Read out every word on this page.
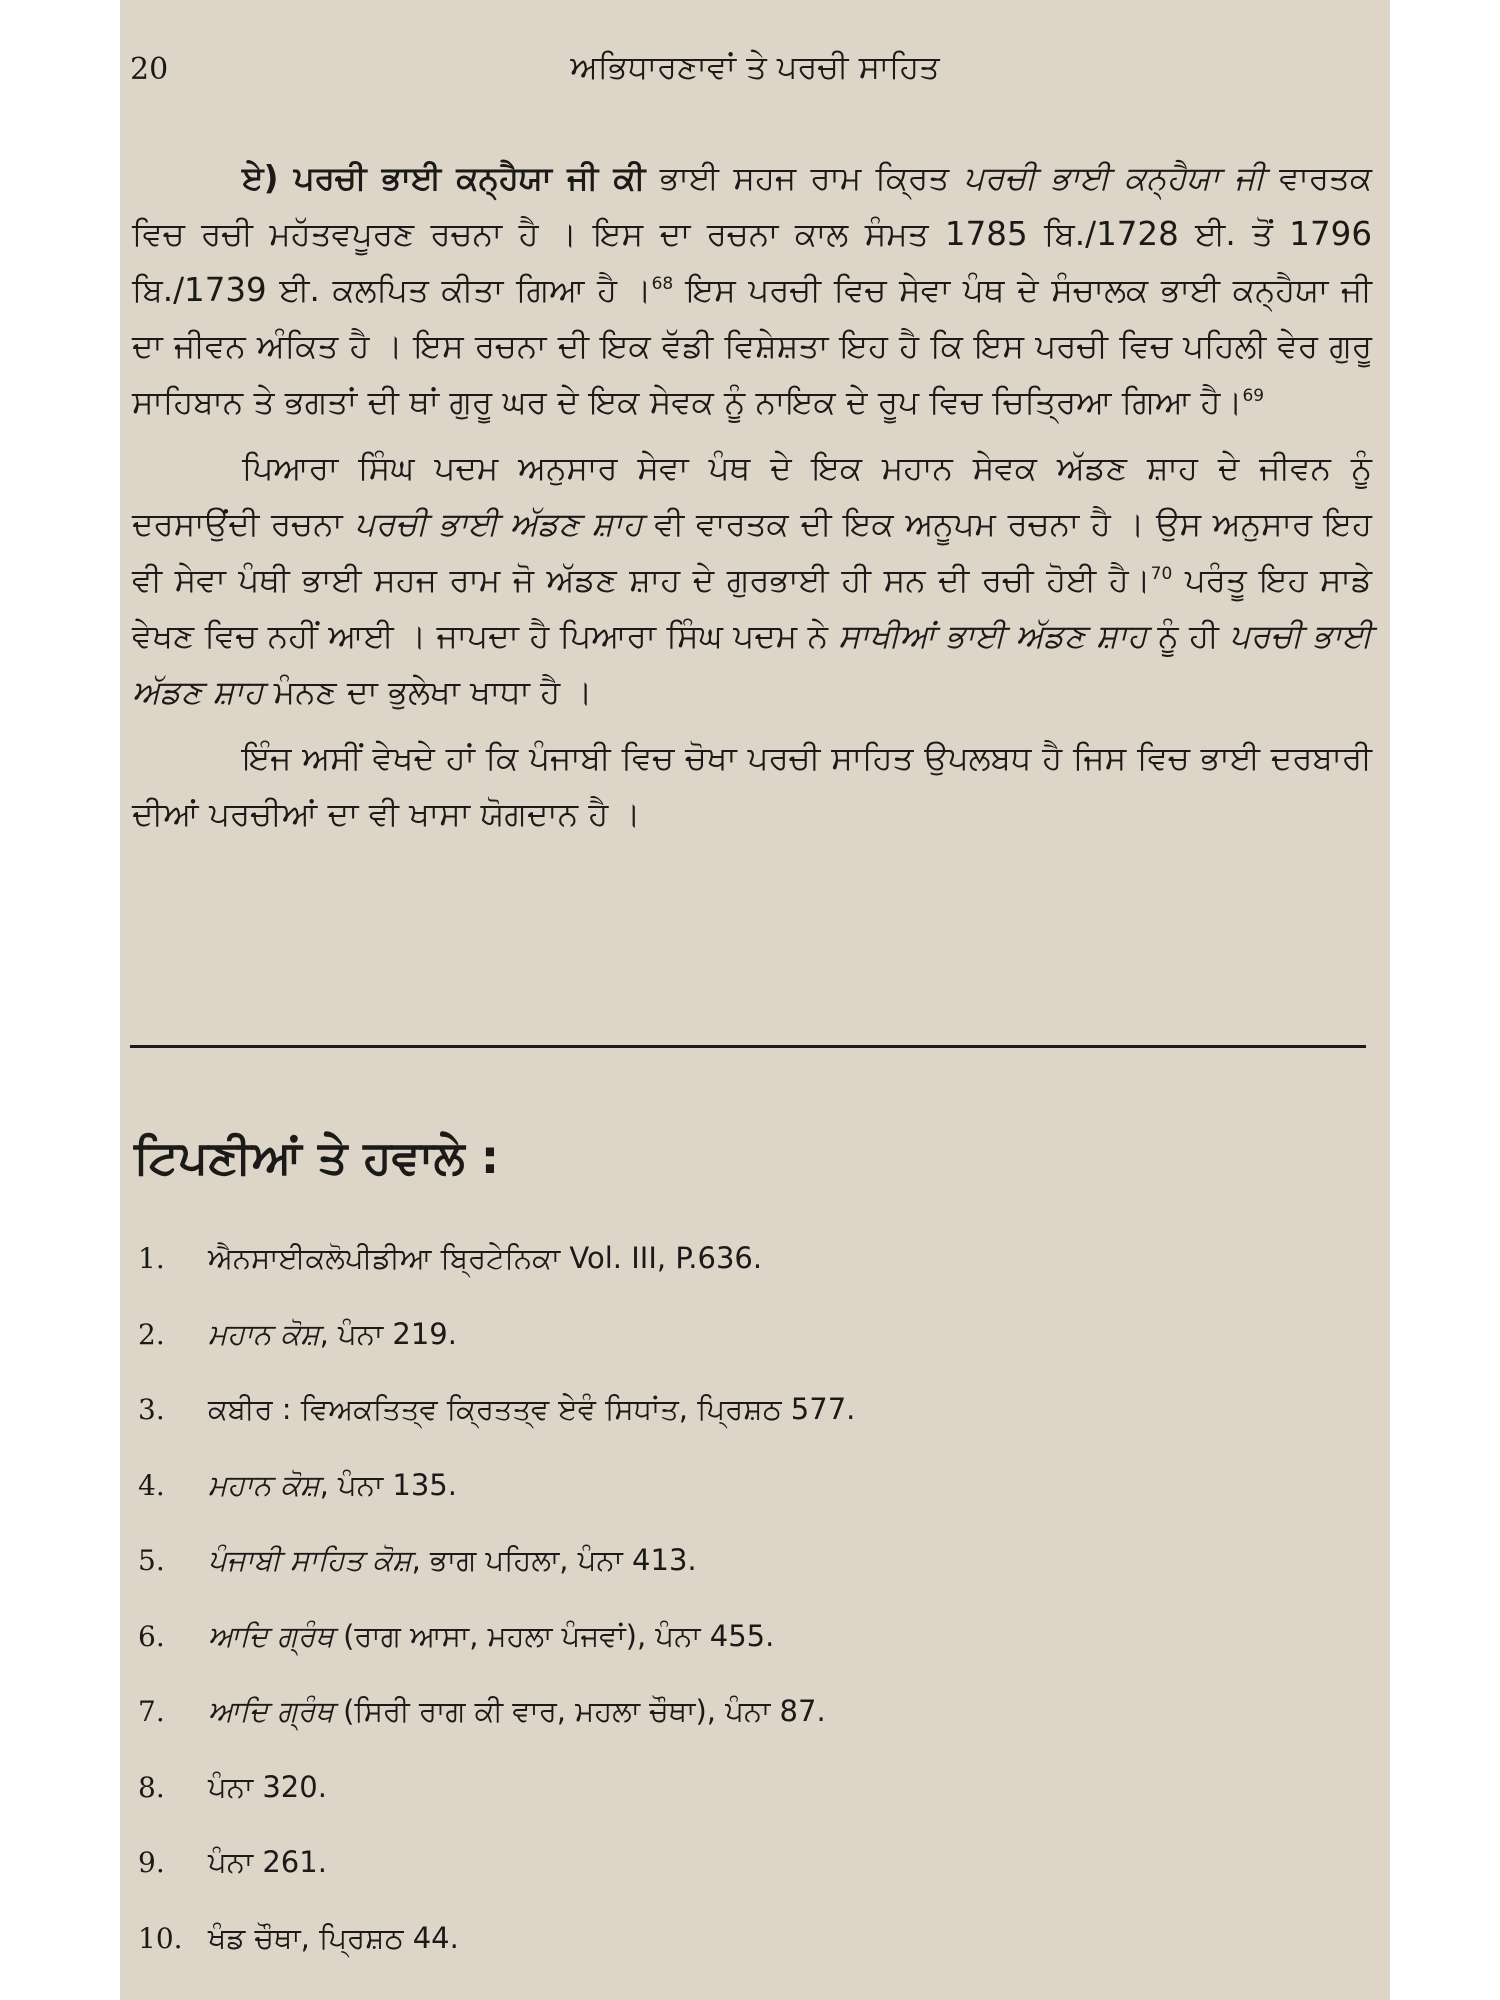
20	ਅਭਿਧਾਰਣਾਵਾਂ ਤੇ ਪਰਚੀ ਸਾਹਿਤ

ਏ) ਪਰਚੀ ਭਾਈ ਕਨ੍ਹੈਯਾ ਜੀ ਕੀ ਭਾਈ ਸਹਜ ਰਾਮ ਕ੍ਰਿਤ ਪਰਚੀ ਭਾਈ ਕਨ੍ਹੈਯਾ ਜੀ ਵਾਰਤਕ ਵਿਚ ਰਚੀ ਮਹੱਤਵਪੂਰਣ ਰਚਨਾ ਹੈ । ਇਸ ਦਾ ਰਚਨਾ ਕਾਲ ਸੰਮਤ 1785 ਬਿ./1728 ਈ. ਤੋਂ 1796 ਬਿ./1739 ਈ. ਕਲਪਿਤ ਕੀਤਾ ਗਿਆ ਹੈ ।$^{68}$ ਇਸ ਪਰਚੀ ਵਿਚ ਸੇਵਾ ਪੰਥ ਦੇ ਸੰਚਾਲਕ ਭਾਈ ਕਨ੍ਹੈਯਾ ਜੀ ਦਾ ਜੀਵਨ ਅੰਕਿਤ ਹੈ । ਇਸ ਰਚਨਾ ਦੀ ਇਕ ਵੱਡੀ ਵਿਸ਼ੇਸ਼ਤਾ ਇਹ ਹੈ ਕਿ ਇਸ ਪਰਚੀ ਵਿਚ ਪਹਿਲੀ ਵੇਰ ਗੁਰੂ ਸਾਹਿਬਾਨ ਤੇ ਭਗਤਾਂ ਦੀ ਥਾਂ ਗੁਰੂ ਘਰ ਦੇ ਇਕ ਸੇਵਕ ਨੂੰ ਨਾਇਕ ਦੇ ਰੂਪ ਵਿਚ ਚਿਤ੍ਰਿਆ ਗਿਆ ਹੈ।$^{69}$

ਪਿਆਰਾ ਸਿੰਘ ਪਦਮ ਅਨੁਸਾਰ ਸੇਵਾ ਪੰਥ ਦੇ ਇਕ ਮਹਾਨ ਸੇਵਕ ਅੱਡਣ ਸ਼ਾਹ ਦੇ ਜੀਵਨ ਨੂੰ ਦਰਸਾਉਂਦੀ ਰਚਨਾ ਪਰਚੀ ਭਾਈ ਅੱਡਣ ਸ਼ਾਹ ਵੀ ਵਾਰਤਕ ਦੀ ਇਕ ਅਨੂਪਮ ਰਚਨਾ ਹੈ । ਉਸ ਅਨੁਸਾਰ ਇਹ ਵੀ ਸੇਵਾ ਪੰਥੀ ਭਾਈ ਸਹਜ ਰਾਮ ਜੋ ਅੱਡਣ ਸ਼ਾਹ ਦੇ ਗੁਰਭਾਈ ਹੀ ਸਨ ਦੀ ਰਚੀ ਹੋਈ ਹੈ।$^{70}$ ਪਰੰਤੂ ਇਹ ਸਾਡੇ ਵੇਖਣ ਵਿਚ ਨਹੀਂ ਆਈ । ਜਾਪਦਾ ਹੈ ਪਿਆਰਾ ਸਿੰਘ ਪਦਮ ਨੇ ਸਾਖੀਆਂ ਭਾਈ ਅੱਡਣ ਸ਼ਾਹ ਨੂੰ ਹੀ ਪਰਚੀ ਭਾਈ ਅੱਡਣ ਸ਼ਾਹ ਮੰਨਣ ਦਾ ਭੁਲੇਖਾ ਖਾਧਾ ਹੈ ।

ਇੰਜ ਅਸੀਂ ਵੇਖਦੇ ਹਾਂ ਕਿ ਪੰਜਾਬੀ ਵਿਚ ਚੋਖਾ ਪਰਚੀ ਸਾਹਿਤ ਉਪਲਬਧ ਹੈ ਜਿਸ ਵਿਚ ਭਾਈ ਦਰਬਾਰੀ ਦੀਆਂ ਪਰਚੀਆਂ ਦਾ ਵੀ ਖਾਸਾ ਯੋਗਦਾਨ ਹੈ ।

ਟਿਪਣੀਆਂ ਤੇ ਹਵਾਲੇ :
1. ਐਨਸਾਈਕਲੋਪੀਡੀਆ ਬ੍ਰਿਟੇਨਿਕਾ Vol. III, P.636.
2. ਮਹਾਨ ਕੋਸ਼, ਪੰਨਾ 219.
3. ਕਬੀਰ : ਵਿਅਕਤਿਤ੍ਵ ਕ੍ਰਿਤਤ੍ਵ ਏਵੰ ਸਿਧਾਂਤ, ਪ੍ਰਿਸ਼ਠ 577.
4. ਮਹਾਨ ਕੋਸ਼, ਪੰਨਾ 135.
5. ਪੰਜਾਬੀ ਸਾਹਿਤ ਕੋਸ਼, ਭਾਗ ਪਹਿਲਾ, ਪੰਨਾ 413.
6. ਆਦਿ ਗ੍ਰੰਥ (ਰਾਗ ਆਸਾ, ਮਹਲਾ ਪੰਜਵਾਂ), ਪੰਨਾ 455.
7. ਆਦਿ ਗ੍ਰੰਥ (ਸਿਰੀ ਰਾਗ ਕੀ ਵਾਰ, ਮਹਲਾ ਚੌਥਾ), ਪੰਨਾ 87.
8. ਪੰਨਾ 320.
9. ਪੰਨਾ 261.
10. ਖੰਡ ਚੌਥਾ, ਪ੍ਰਿਸ਼ਠ 44.
